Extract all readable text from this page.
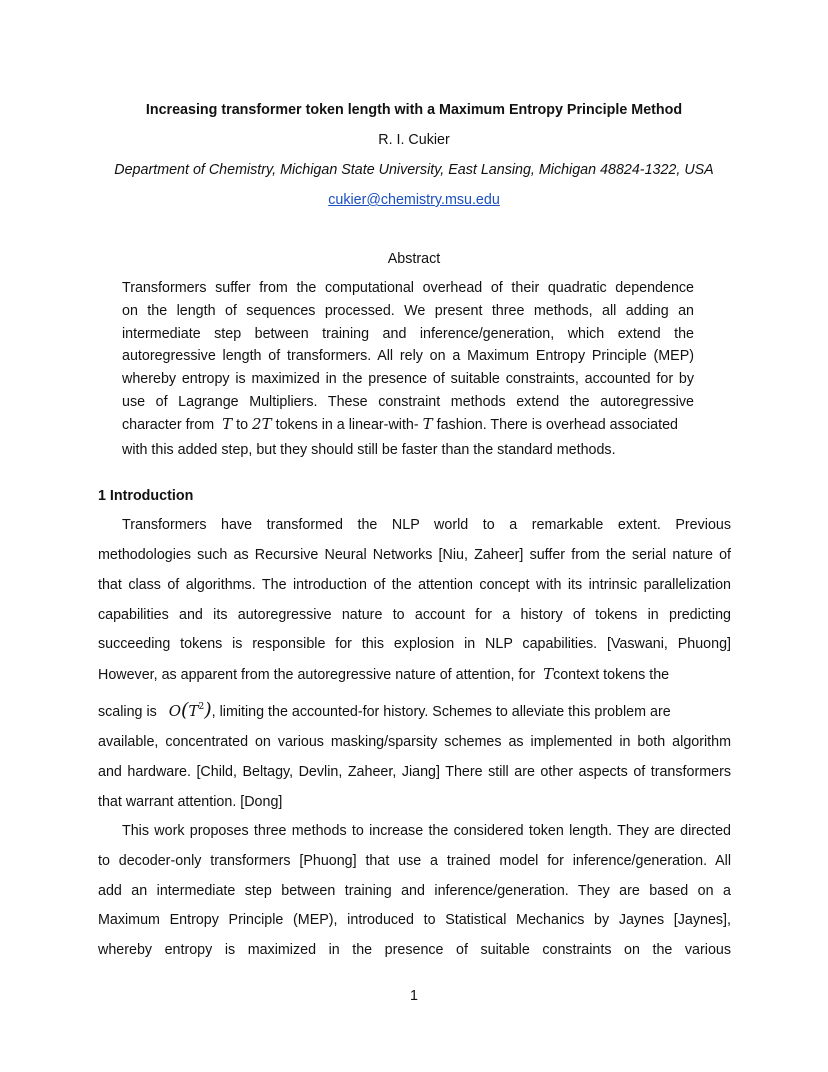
Increasing transformer token length with a Maximum Entropy Principle Method
R. I. Cukier
Department of Chemistry, Michigan State University, East Lansing, Michigan 48824-1322, USA
cukier@chemistry.msu.edu
Abstract
Transformers suffer from the computational overhead of their quadratic dependence
on the length of sequences processed. We present three methods, all adding an
intermediate step between training and inference/generation, which extend the
autoregressive length of transformers. All rely on a Maximum Entropy Principle (MEP)
whereby entropy is maximized in the presence of suitable constraints, accounted for by
use of Lagrange Multipliers. These constraint methods extend the autoregressive
character from T to 2T tokens in a linear-with- T fashion. There is overhead associated
with this added step, but they should still be faster than the standard methods.
1 Introduction
Transformers have transformed the NLP world to a remarkable extent. Previous
methodologies such as Recursive Neural Networks [Niu, Zaheer] suffer from the serial nature of
that class of algorithms. The introduction of the attention concept with its intrinsic parallelization
capabilities and its autoregressive nature to account for a history of tokens in predicting
succeeding tokens is responsible for this explosion in NLP capabilities. [Vaswani, Phuong]
However, as apparent from the autoregressive nature of attention, for Tcontext tokens the
scaling is $O(T^2)$, limiting the accounted-for history. Schemes to alleviate this problem are
available, concentrated on various masking/sparsity schemes as implemented in both algorithm
and hardware. [Child, Beltagy, Devlin, Zaheer, Jiang] There still are other aspects of transformers
that warrant attention. [Dong]
This work proposes three methods to increase the considered token length. They are directed
to decoder-only transformers [Phuong] that use a trained model for inference/generation. All
add an intermediate step between training and inference/generation. They are based on a
Maximum Entropy Principle (MEP), introduced to Statistical Mechanics by Jaynes [Jaynes],
whereby entropy is maximized in the presence of suitable constraints on the various
1
